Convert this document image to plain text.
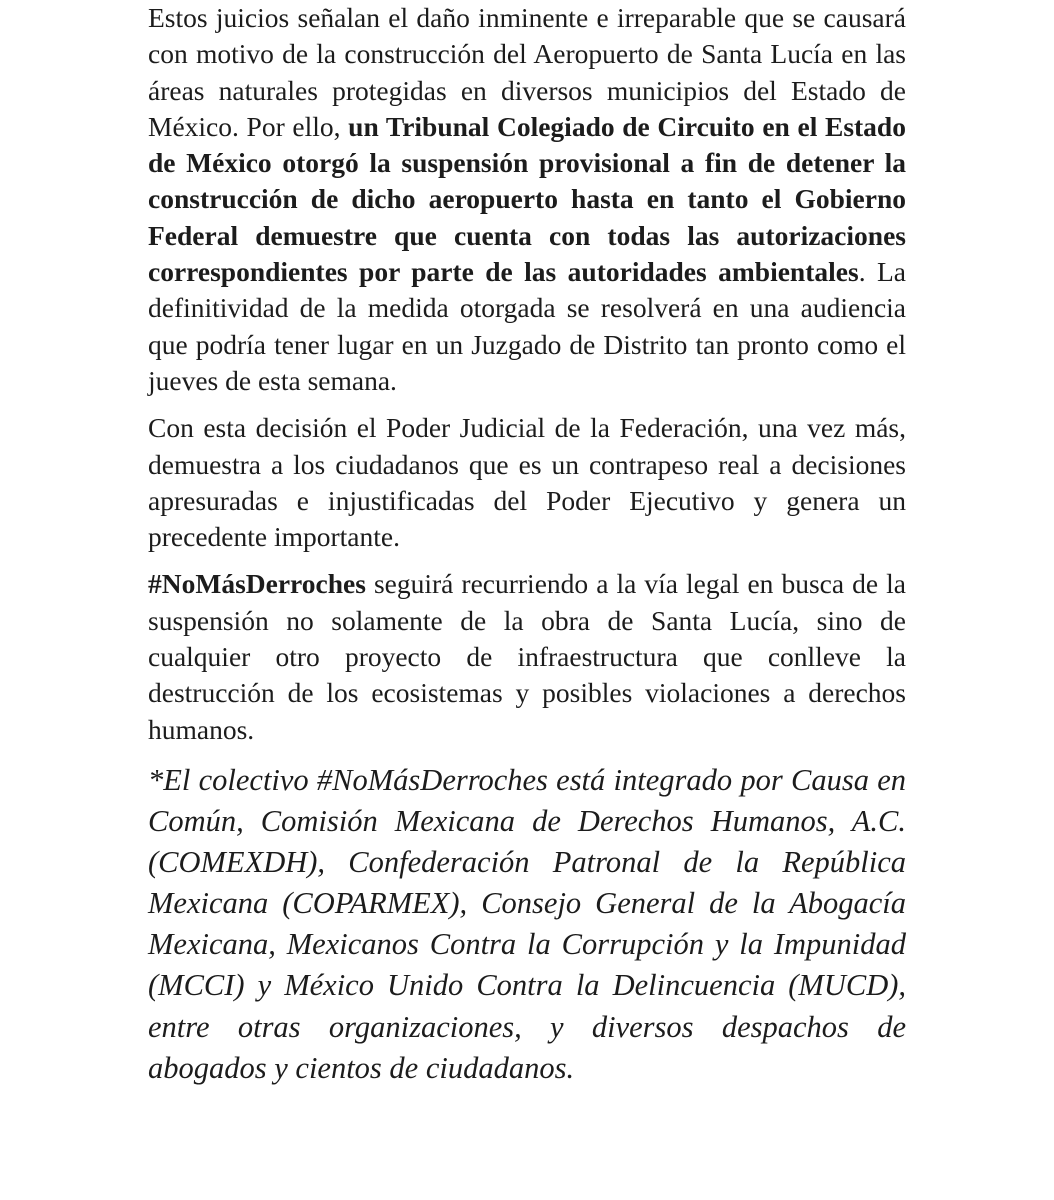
Estos juicios señalan el daño inminente e irreparable que se causará con motivo de la construcción del Aeropuerto de Santa Lucía en las áreas naturales protegidas en diversos municipios del Estado de México. Por ello, un Tribunal Colegiado de Circuito en el Estado de México otorgó la suspensión provisional a fin de detener la construcción de dicho aeropuerto hasta en tanto el Gobierno Federal demuestre que cuenta con todas las autorizaciones correspondientes por parte de las autoridades ambientales. La definitividad de la medida otorgada se resolverá en una audiencia que podría tener lugar en un Juzgado de Distrito tan pronto como el jueves de esta semana.

Con esta decisión el Poder Judicial de la Federación, una vez más, demuestra a los ciudadanos que es un contrapeso real a decisiones apresuradas e injustificadas del Poder Ejecutivo y genera un precedente importante.

#NoMásDerroches seguirá recurriendo a la vía legal en busca de la suspensión no solamente de la obra de Santa Lucía, sino de cualquier otro proyecto de infraestructura que conlleve la destrucción de los ecosistemas y posibles violaciones a derechos humanos.

*El colectivo #NoMásDerroches está integrado por Causa en Común, Comisión Mexicana de Derechos Humanos, A.C. (COMEXDH), Confederación Patronal de la República Mexicana (COPARMEX), Consejo General de la Abogacía Mexicana, Mexicanos Contra la Corrupción y la Impunidad (MCCI) y México Unido Contra la Delincuencia (MUCD), entre otras organizaciones, y diversos despachos de abogados y cientos de ciudadanos.
